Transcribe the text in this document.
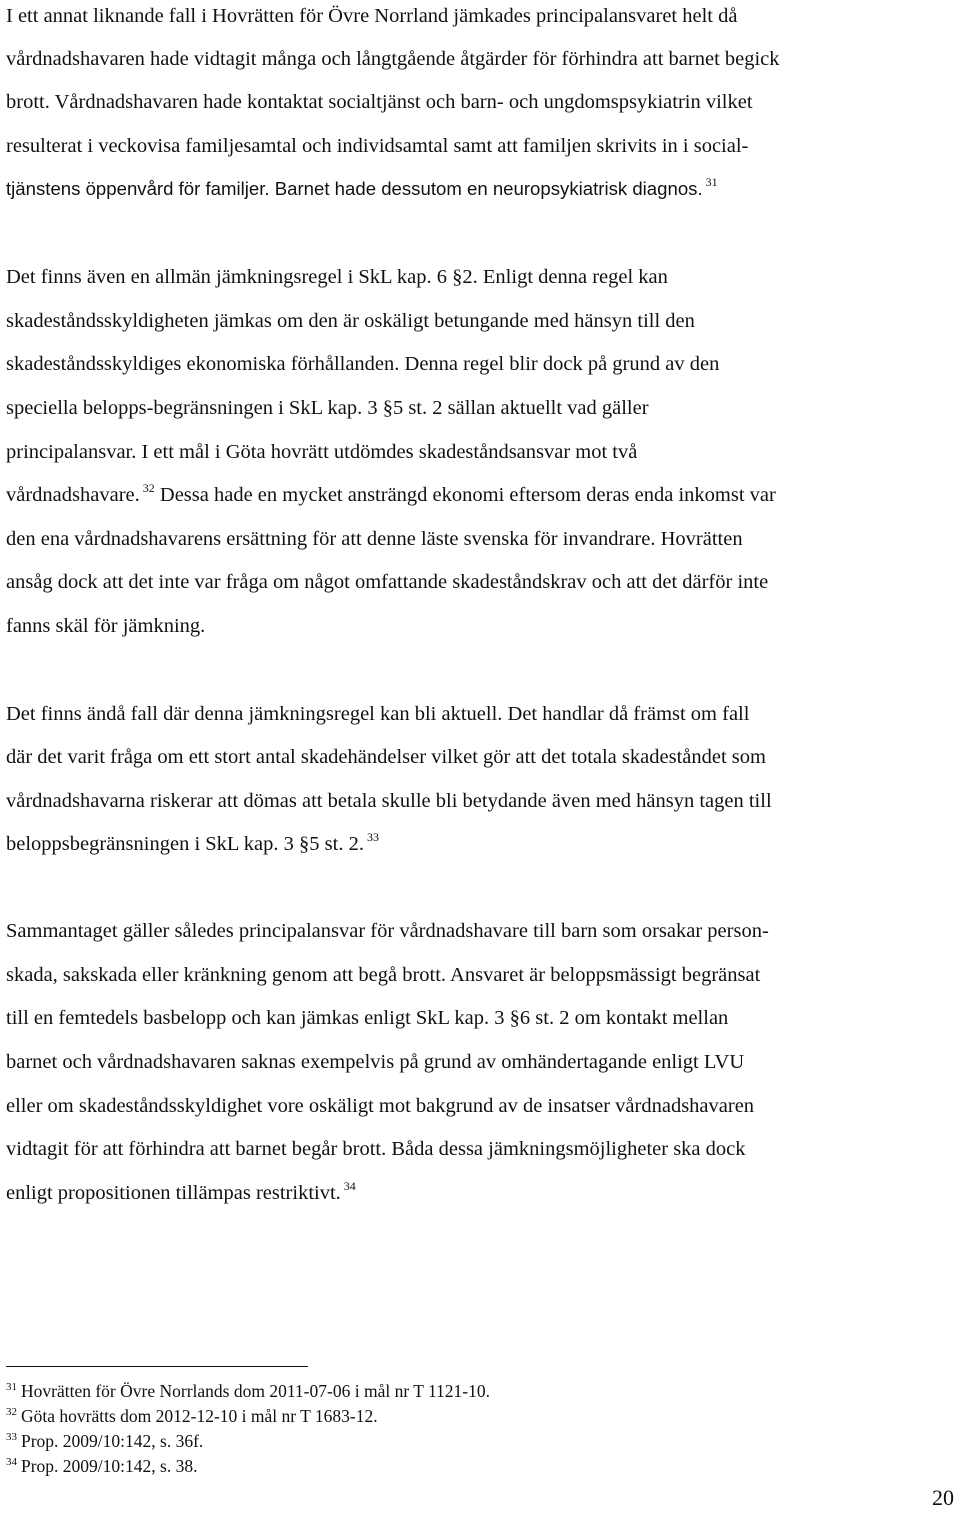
I ett annat liknande fall i Hovrätten för Övre Norrland jämkades principalansvaret helt då
vårdnadshavaren hade vidtagit många och långtgående åtgärder för förhindra att barnet begick
brott. Vårdnadshavaren hade kontaktat socialtjänst och barn- och ungdomspsykiatrin vilket
resulterat i veckovisa familjesamtal och individsamtal samt att familjen skrivits in i social-
tjänstens öppenvård för familjer. Barnet hade dessutom en neuropsykiatrisk diagnos. $^{31}$
Det finns även en allmän jämkningsregel i SkL kap. 6 §2. Enligt denna regel kan
skadeståndsskyldigheten jämkas om den är oskäligt betungande med hänsyn till den
skadeståndsskyldiges ekonomiska förhållanden. Denna regel blir dock på grund av den
speciella belopps-begränsningen i SkL kap. 3 §5 st. 2 sällan aktuellt vad gäller
principalansvar. I ett mål i Göta hovrätt utdömdes skadeståndsansvar mot två
vårdnadshavare. $^{32}$ Dessa hade en mycket ansträngd ekonomi eftersom deras enda inkomst var
den ena vårdnadshavarens ersättning för att denne läste svenska för invandrare. Hovrätten
ansåg dock att det inte var fråga om något omfattande skadeståndskrav och att det därför inte
fanns skäl för jämkning.
Det finns ändå fall där denna jämkningsregel kan bli aktuell. Det handlar då främst om fall
där det varit fråga om ett stort antal skadehändelser vilket gör att det totala skadeståndet som
vårdnadshavarna riskerar att dömas att betala skulle bli betydande även med hänsyn tagen till
beloppsbegränsningen i SkL kap. 3 §5 st. 2. $^{33}$
Sammantaget gäller således principalansvar för vårdnadshavare till barn som orsakar person-
skada, sakskada eller kränkning genom att begå brott. Ansvaret är beloppsmässigt begränsat
till en femtedels basbelopp och kan jämkas enligt SkL kap. 3 §6 st. 2 om kontakt mellan
barnet och vårdnadshavaren saknas exempelvis på grund av omhändertagande enligt LVU
eller om skadeståndsskyldighet vore oskäligt mot bakgrund av de insatser vårdnadshavaren
vidtagit för att förhindra att barnet begår brott. Båda dessa jämkningsmöjligheter ska dock
enligt propositionen tillämpas restriktivt. $^{34}$
$^{31}$ Hovrätten för Övre Norrlands dom 2011-07-06 i mål nr T 1121-10.
$^{32}$ Göta hovrätts dom 2012-12-10 i mål nr T 1683-12.
$^{33}$ Prop. 2009/10:142, s. 36f.
$^{34}$ Prop. 2009/10:142, s. 38.
20
